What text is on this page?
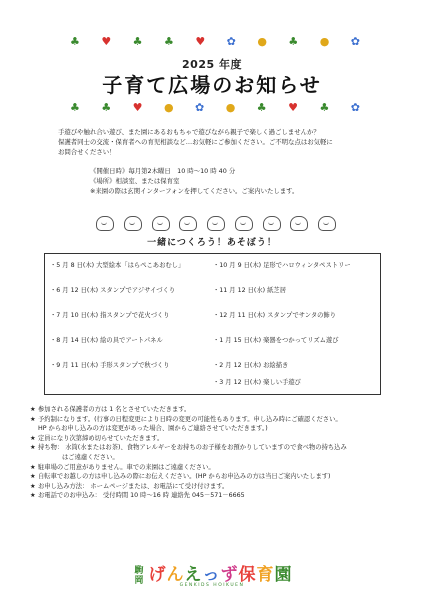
♣ ♥ ♣ ♣ ♥ ✿ ● ♣ ● ✿
2025 年度
子育て広場のお知らせ
♣ ♣ ♥ ● ✿ ● ♣ ♥ ♣ ✿

手遊びや触れ合い遊び、また園にあるおもちゃで遊びながら親子で楽しく過ごしませんか？

保護者同士の交流・保育者への育児相談など…お気軽にご参加ください。ご不明な点はお気軽に

お問合せください！

《開催日時》毎月第2木曜日　10 時～10 時 40 分
《場所》相談室、または保育室
※来園の際は玄関インターフォンを押してください。ご案内いたします。
一緒につくろう！あそぼう！
・5 月 8 日(木) 大型絵本「はらぺこあおむし」
・6 月 12 日(木) スタンプでアジサイづくり
・7 月 10 日(木) 指スタンプで花火づくり
・8 月 14 日(木) 絵の具でアートパネル
・9 月 11 日(木) 手形スタンプで秋づくり
・10 月 9 日(木) 足形でハロウィンタペストリー
・11 月 12 日(水) 紙芝居
・12 月 11 日(木) スタンプでサンタの飾り
・1 月 15 日(木) 楽器をつかってリズム遊び
・2 月 12 日(木) お絵描き
・3 月 12 日(木) 楽しい手遊び
★ 参加される保護者の方は 1 名とさせていただきます。
★ 予約制になります。(行事の日程変更により日時の変更の可能性もあります。申し込み時にご確認ください。
HP からお申し込みの方は変更があった場合、園からご連絡させていただきます。)
★ 定員になり次第締め切らせていただきます。
★ 持ち物： 水筒(水またはお茶)、食物アレルギーをお持ちのお子様をお預かりしていますので食べ物の持ち込み
はご遠慮ください。
★ 駐車場のご用意がありません。車での来園はご遠慮ください。
★ 自転車でお越しの方は申し込みの際にお伝えください。(HP からお申込みの方は当日ご案内いたします)
★ お申し込み方法： ホームページまたは、お電話にて受け付けます。
★ お電話でのお申込み： 受付時間 10 時～16 時 連絡先 045－571－6665
駒岡 げんえっず保育園
GENKIDS HOIKUEN
